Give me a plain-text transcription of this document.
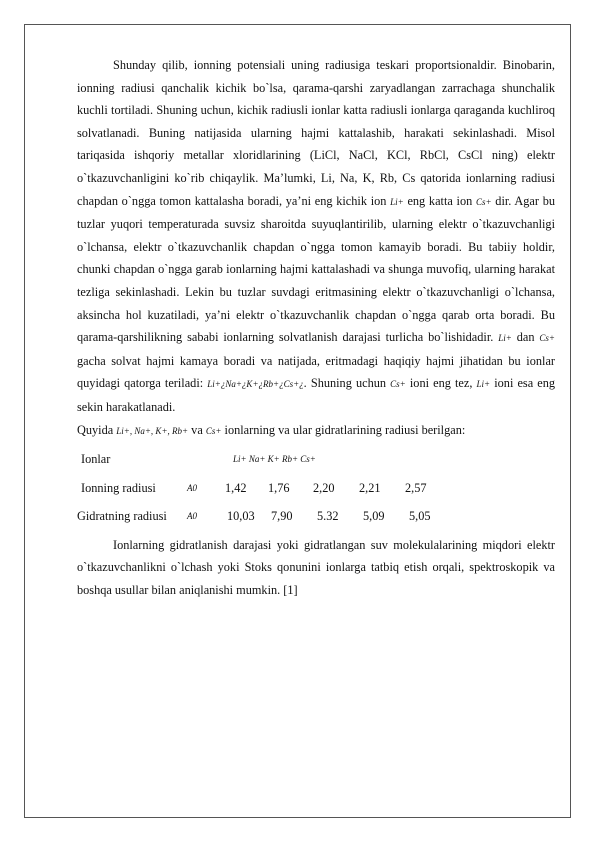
Shunday qilib, ionning potensiali uning radiusiga teskari proportsionaldir. Binobarin, ionning radiusi qanchalik kichik bo`lsa, qarama-qarshi zaryadlangan zarrachaga shunchalik kuchli tortiladi. Shuning uchun, kichik radiusli ionlar katta radiusli ionlarga qaraganda kuchliroq solvatlanadi. Buning natijasida ularning hajmi kattalashib, harakati sekinlashadi. Misol tariqasida ishqoriy metallar xloridlarining (LiCl, NaCl, KCl, RbCl, CsCl ning) elektr o`tkazuvchanligini ko`rib chiqaylik. Ma’lumki, Li, Na, K, Rb, Cs qatorida ionlarning radiusi chapdan o`ngga tomon kattalasha boradi, ya’ni eng kichik ion Li+ eng katta ion Cs+ dir. Agar bu tuzlar yuqori temperaturada suvsiz sharoitda suyuqlantirilib, ularning elektr o`tkazuvchanligi o`lchansa, elektr o`tkazuvchanlik chapdan o`ngga tomon kamayib boradi. Bu tabiiy holdir, chunki chapdan o`ngga garab ionlarning hajmi kattalashadi va shunga muvofiq, ularning harakat tezliga sekinlashadi. Lekin bu tuzlar suvdagi eritmasining elektr o`tkazuvchanligi o`lchansa, aksincha hol kuzatiladi, ya’ni elektr o`tkazuvchanlik chapdan o`ngga qarab orta boradi. Bu qarama-qarshilikning sababi ionlarning solvatlanish darajasi turlicha bo`lishidadir. Li+ dan Cs+ gacha solvat hajmi kamaya boradi va natijada, eritmadagi haqiqiy hajmi jihatidan bu ionlar quyidagi qatorga teriladi: Li+¿Na+¿K+¿Rb+¿Cs+¿. Shuning uchun Cs+ ioni eng tez, Li+ ioni esa eng sekin harakatlanadi.

Quyida Li+, Na+, K+, Rb+ va Cs+ ionlarning va ular gidratlarining radiusi berilgan:

Ionlar	Li+ Na+ K+ Rb+ Cs+
Ionning radiusi	A0 1,42 1,76 2,20 2,21 2,57
Gidratning radiusi A0 10,03 7,90 5.32 5,09 5,05

Ionlarning gidratlanish darajasi yoki gidratlangan suv molekulalarining miqdori elektr o`tkazuvchanlikni o`lchash yoki Stoks qonunini ionlarga tatbiq etish orqali, spektroskopik va boshqa usullar bilan aniqlanishi mumkin. [1]
